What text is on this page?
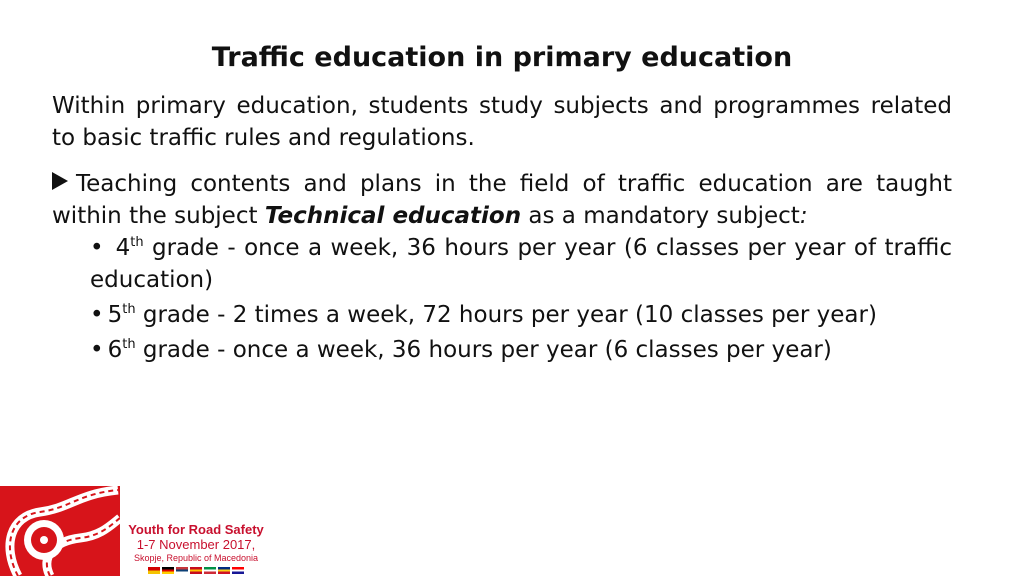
Traffic education in primary education

Within primary education, students study subjects and programmes related to basic traffic rules and regulations.

Teaching contents and plans in the field of traffic education are taught within the subject Technical education as a mandatory subject:

• 4th grade - once a week, 36 hours per year (6 classes per year of traffic education)
• 5th grade - 2 times a week, 72 hours per year (10 classes per year)
• 6th grade - once a week, 36 hours per year (6 classes per year)
Youth for Road Safety
1-7 November 2017,
Skopje, Republic of Macedonia
